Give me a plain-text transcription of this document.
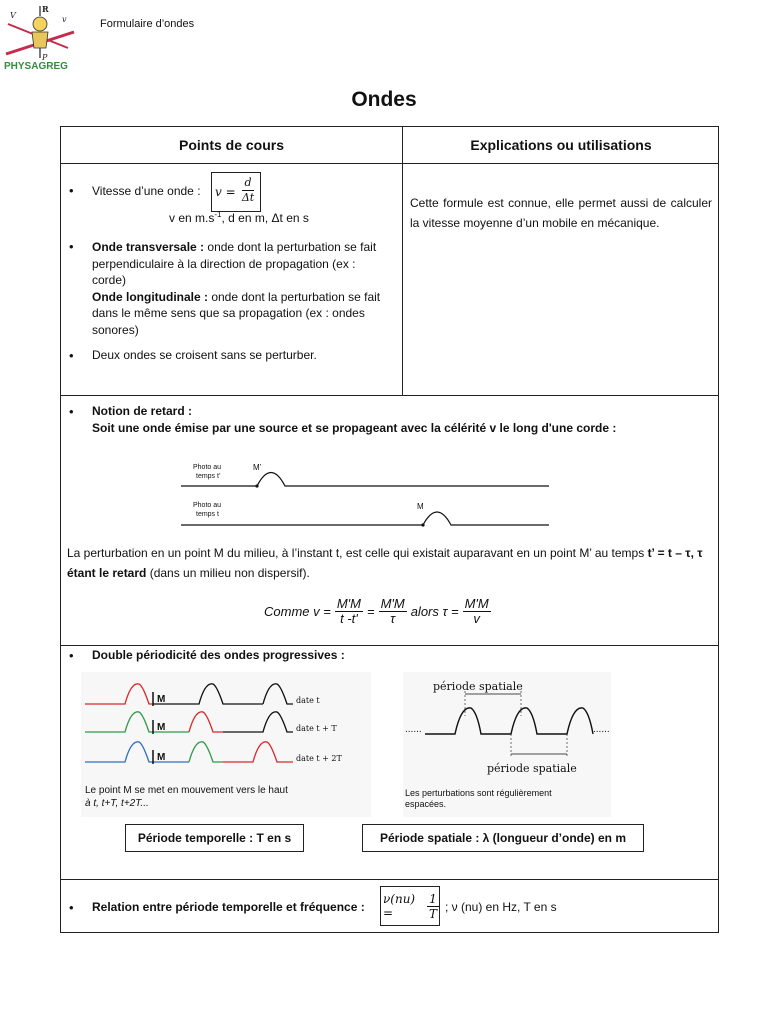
V
R
v
P
PHYSAGREG
Formulaire d’ondes
Ondes
Points de cours	Explications ou utilisations
• Vitesse d’une onde : $v = \frac{d}{\Delta t}$
v en $m.s^{-1}$, d en m, Δt en s
• Onde transversale : onde dont la perturbation se fait perpendiculaire à la direction de propagation (ex : corde)
Onde longitudinale : onde dont la perturbation se fait dans le même sens que sa propagation (ex : ondes sonores)
• Deux ondes se croisent sans se perturber.
Cette formule est connue, elle permet aussi de calculer la vitesse moyenne d’un mobile en mécanique.
• Notion de retard :
Soit une onde émise par une source et se propageant avec la célérité v le long d'une corde :
Photo au
temps t’
Photo au
temps t
M’
M
La perturbation en un point M du milieu, à l’instant t, est celle qui existait auparavant en un point M’ au temps t’ = t – τ, τ étant le retard (dans un milieu non dispersif).
Comme $v = \frac{M'M}{t -t'} = \frac{M'M}{\tau}$ alors $\tau = \frac{M'M}{v}$
• Double périodicité des ondes progressives :
M
M
M
date t
date t + T
date t + 2T
Le point M se met en mouvement vers le haut
à t, t+T, t+2T...
période spatiale
période spatiale
......	......
Les perturbations sont régulièrement
espacées.
Période temporelle : T en s	Période spatiale : λ (longueur d’onde) en m
• Relation entre période temporelle et fréquence :
ν(nu) =	$\frac{1}{T}$ ; ν (nu) en Hz, T en s
